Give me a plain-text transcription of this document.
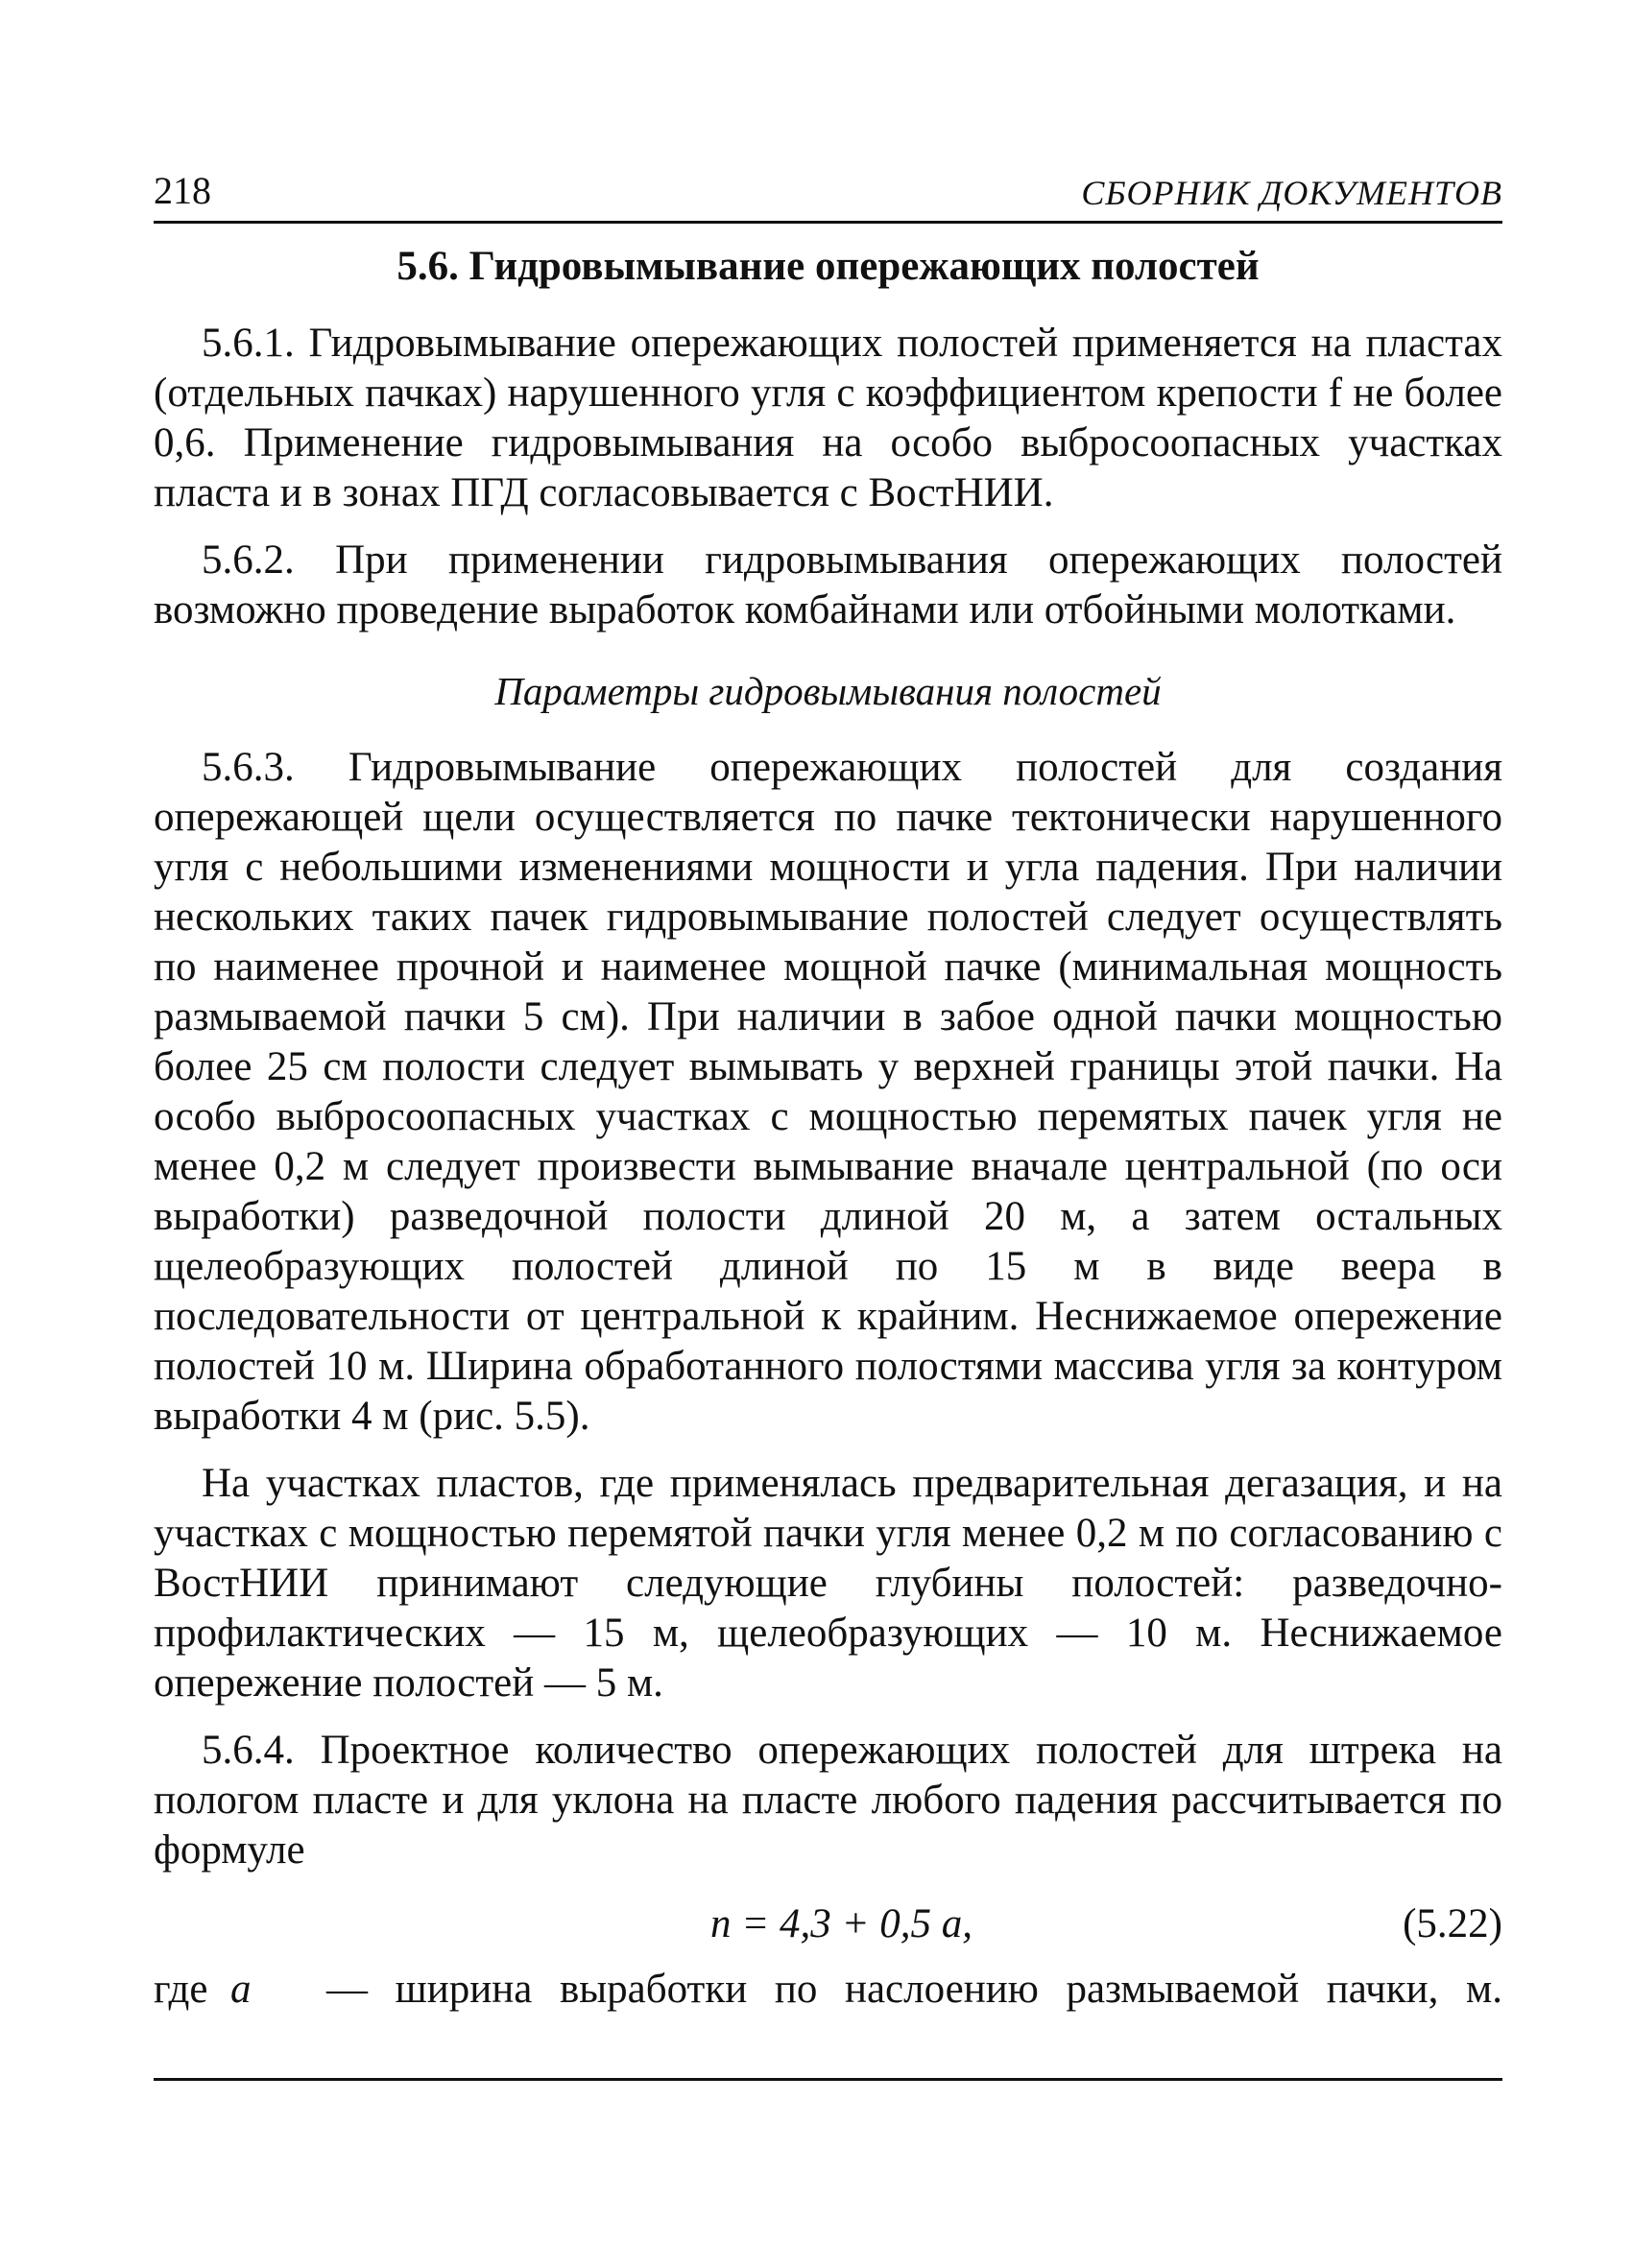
218	СБОРНИК ДОКУМЕНТОВ
5.6. Гидровымывание опережающих полостей

5.6.1. Гидровымывание опережающих полостей применяется на пластах (отдельных пачках) нарушенного угля с коэффициентом крепости f не более 0,6. Применение гидровымывания на особо выбросоопасных участках пласта и в зонах ПГД согласовывается с ВостНИИ.

5.6.2. При применении гидровымывания опережающих полостей возможно проведение выработок комбайнами или отбойными молотками.

Параметры гидровымывания полостей

5.6.3. Гидровымывание опережающих полостей для создания опережающей щели осуществляется по пачке тектонически нарушенного угля с небольшими изменениями мощности и угла падения. При наличии нескольких таких пачек гидровымывание полостей следует осуществлять по наименее прочной и наименее мощной пачке (минимальная мощность размываемой пачки 5 см). При наличии в забое одной пачки мощностью более 25 см полости следует вымывать у верхней границы этой пачки. На особо выбросоопасных участках с мощностью перемятых пачек угля не менее 0,2 м следует произвести вымывание вначале центральной (по оси выработки) разведочной полости длиной 20 м, а затем остальных щелеобразующих полостей длиной по 15 м в виде веера в последовательности от центральной к крайним. Неснижаемое опережение полостей 10 м. Ширина обработанного полостями массива угля за контуром выработки 4 м (рис. 5.5).

На участках пластов, где применялась предварительная дегазация, и на участках с мощностью перемятой пачки угля менее 0,2 м по согласованию с ВостНИИ принимают следующие глубины полостей: разведочно-профилактических — 15 м, щелеобразующих — 10 м. Неснижаемое опережение полостей — 5 м.

5.6.4. Проектное количество опережающих полостей для штрека на пологом пласте и для уклона на пласте любого падения рассчитывается по формуле

n = 4,3 + 0,5 a,	(5.22)
где a — ширина выработки по наслоению размываемой пачки, м.
